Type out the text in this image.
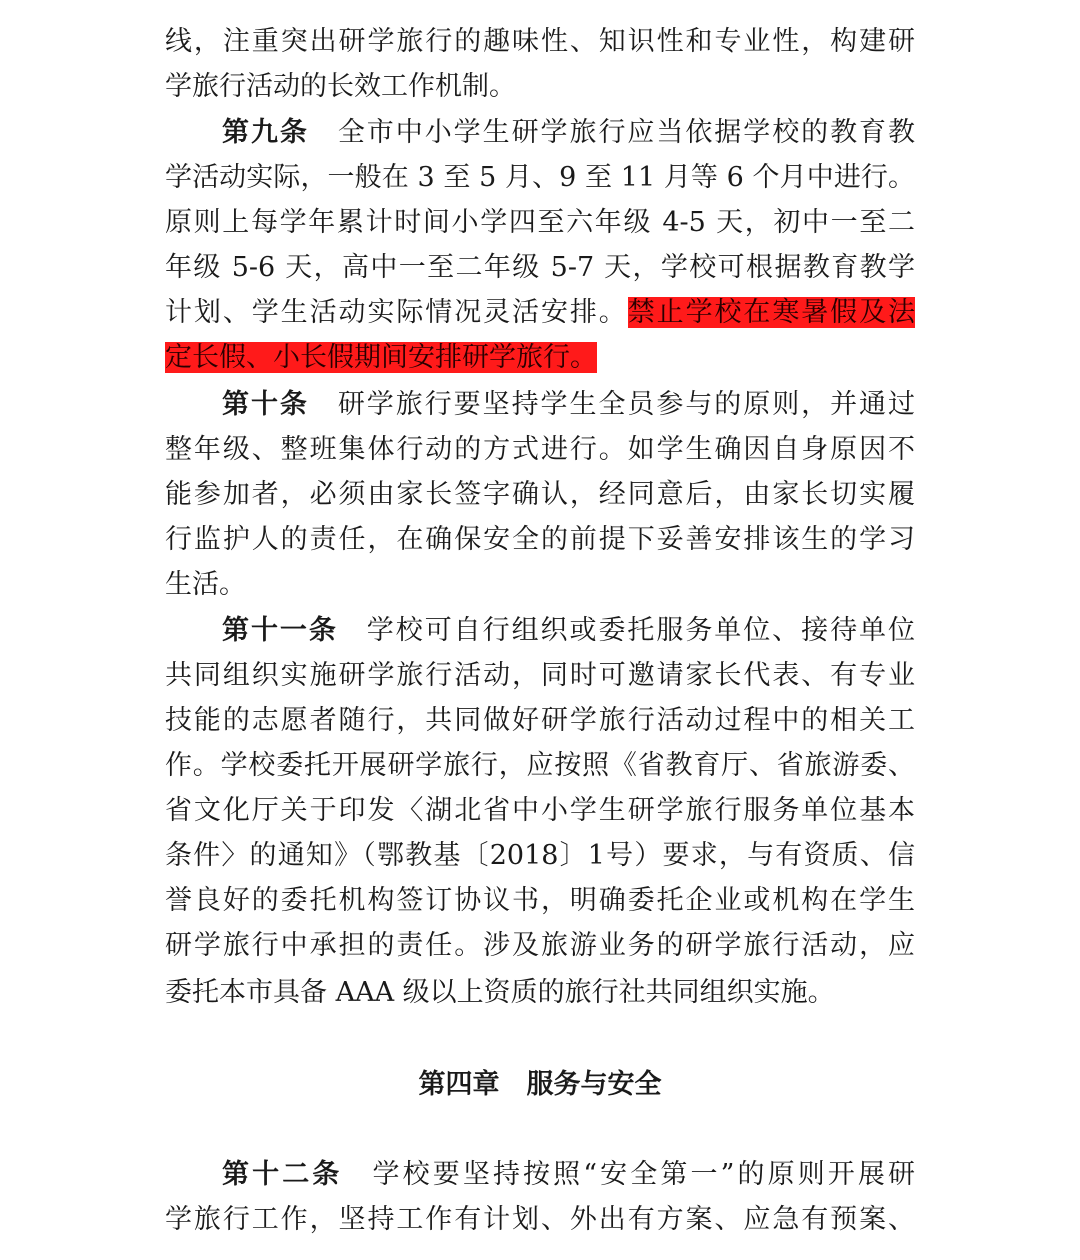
线，注重突出研学旅行的趣味性、知识性和专业性，构建研
学旅行活动的长效工作机制。
第九条　 全市中小学生研学旅行应当依据学校的教育教
学活动实际，一般在 3 至 5 月、9 至 11 月等 6 个月中进行。
原则上每学年累计时间小学四至六年级 4-5 天，初中一至二
年级 5-6 天，高中一至二年级 5-7 天，学校可根据教育教学
计划、学生活动实际情况灵活安排。禁止学校在寒暑假及法
定长假、小长假期间安排研学旅行。
第十条　 研学旅行要坚持学生全员参与的原则，并通过
整年级、整班集体行动的方式进行。如学生确因自身原因不
能参加者，必须由家长签字确认，经同意后，由家长切实履
行监护人的责任，在确保安全的前提下妥善安排该生的学习
生活。
第十一条　 学校可自行组织或委托服务单位、接待单位
共同组织实施研学旅行活动，同时可邀请家长代表、有专业
技能的志愿者随行，共同做好研学旅行活动过程中的相关工
作。学校委托开展研学旅行，应按照《省教育厅、省旅游委、
省文化厅关于印发〈湖北省中小学生研学旅行服务单位基本
条件〉的通知》（鄂教基〔2018〕1号）要求，与有资质、信
誉良好的委托机构签订协议书，明确委托企业或机构在学生
研学旅行中承担的责任。涉及旅游业务的研学旅行活动，应
委托本市具备 AAA 级以上资质的旅行社共同组织实施。
第四章　服务与安全
第十二条　 学校要坚持按照“安全第一”的原则开展研
学旅行工作，坚持工作有计划、外出有方案、应急有预案、
